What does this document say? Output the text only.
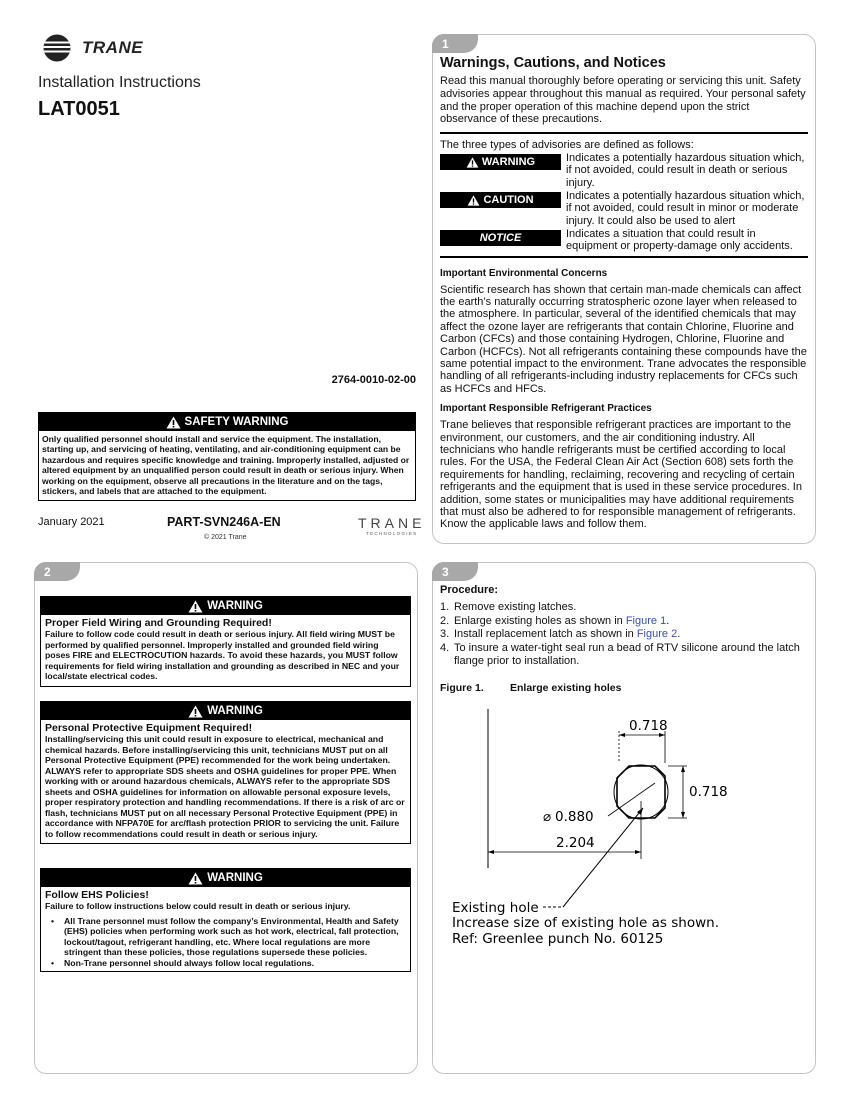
TRANE
Installation Instructions
LAT0051
2764-0010-02-00
SAFETY WARNING
Only qualified personnel should install and service the equipment. The installation, starting up, and servicing of heating, ventilating, and air-conditioning equipment can be hazardous and requires specific knowledge and training. Improperly installed, adjusted or altered equipment by an unqualified person could result in death or serious injury. When working on the equipment, observe all precautions in the literature and on the tags, stickers, and labels that are attached to the equipment.
January 2021	PART-SVN246A-EN
© 2021 Trane
TRANE
TECHNOLOGIES
1
Warnings, Cautions, and Notices
Read this manual thoroughly before operating or servicing this unit. Safety advisories appear throughout this manual as required. Your personal safety and the proper operation of this machine depend upon the strict observance of these precautions.
The three types of advisories are defined as follows:
WARNING	Indicates a potentially hazardous situation which, if not avoided, could result in death or serious injury.
CAUTION	Indicates a potentially hazardous situation which, if not avoided, could result in minor or moderate injury. It could also be used to alert
NOTICE	Indicates a situation that could result in equipment or property-damage only accidents.
Important Environmental Concerns
Scientific research has shown that certain man-made chemicals can affect the earth’s naturally occurring stratospheric ozone layer when released to the atmosphere. In particular, several of the identified chemicals that may affect the ozone layer are refrigerants that contain Chlorine, Fluorine and Carbon (CFCs) and those containing Hydrogen, Chlorine, Fluorine and Carbon (HCFCs). Not all refrigerants containing these compounds have the same potential impact to the environment. Trane advocates the responsible handling of all refrigerants-including industry replacements for CFCs such as HCFCs and HFCs.
Important Responsible Refrigerant Practices
Trane believes that responsible refrigerant practices are important to the environment, our customers, and the air conditioning industry. All technicians who handle refrigerants must be certified according to local rules. For the USA, the Federal Clean Air Act (Section 608) sets forth the requirements for handling, reclaiming, recovering and recycling of certain refrigerants and the equipment that is used in these service procedures. In addition, some states or municipalities may have additional requirements that must also be adhered to for responsible management of refrigerants. Know the applicable laws and follow them.
2
WARNING
Proper Field Wiring and Grounding Required!
Failure to follow code could result in death or serious injury. All field wiring MUST be performed by qualified personnel. Improperly installed and grounded field wiring poses FIRE and ELECTROCUTION hazards. To avoid these hazards, you MUST follow requirements for field wiring installation and grounding as described in NEC and your local/state electrical codes.
WARNING
Personal Protective Equipment Required!
Installing/servicing this unit could result in exposure to electrical, mechanical and chemical hazards. Before installing/servicing this unit, technicians MUST put on all Personal Protective Equipment (PPE) recommended for the work being undertaken. ALWAYS refer to appropriate SDS sheets and OSHA guidelines for proper PPE. When working with or around hazardous chemicals, ALWAYS refer to the appropriate SDS sheets and OSHA guidelines for information on allowable personal exposure levels, proper respiratory protection and handling recommendations. If there is a risk of arc or flash, technicians MUST put on all necessary Personal Protective Equipment (PPE) in accordance with NFPA70E for arc/flash protection PRIOR to servicing the unit. Failure to follow recommendations could result in death or serious injury.
WARNING
Follow EHS Policies!
Failure to follow instructions below could result in death or serious injury.
• All Trane personnel must follow the company’s Environmental, Health and Safety (EHS) policies when performing work such as hot work, electrical, fall protection, lockout/tagout, refrigerant handling, etc. Where local regulations are more stringent than these policies, those regulations supersede these policies.
• Non-Trane personnel should always follow local regulations.
3
Procedure:
1. Remove existing latches.
2. Enlarge existing holes as shown in Figure 1.
3. Install replacement latch as shown in Figure 2.
4. To insure a water-tight seal run a bead of RTV silicone around the latch flange prior to installation.
Figure 1.	Enlarge existing holes
0.718
0.718
⌀ 0.880
2.204
Existing hole
Increase size of existing hole as shown.
Ref: Greenlee punch No. 60125
